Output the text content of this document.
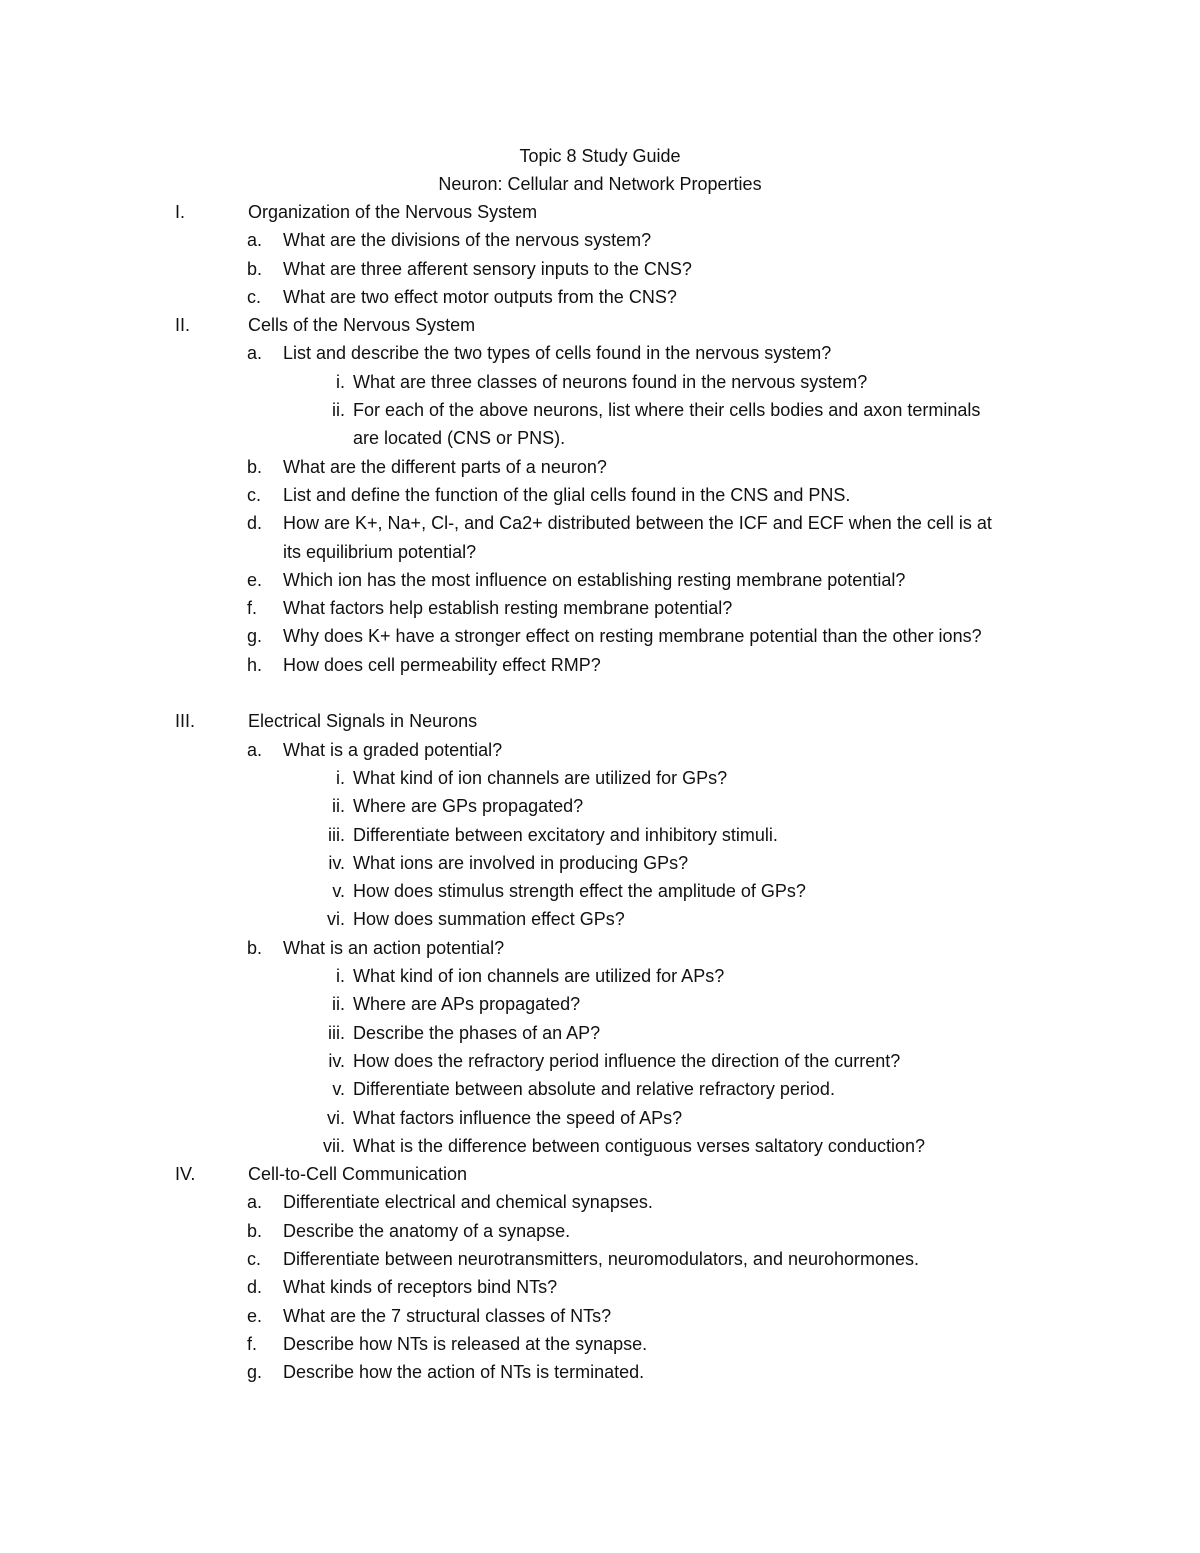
Topic 8 Study Guide
Neuron: Cellular and Network Properties
I.	Organization of the Nervous System
a. What are the divisions of the nervous system?
b. What are three afferent sensory inputs to the CNS?
c. What are two effect motor outputs from the CNS?
II.	Cells of the Nervous System
a. List and describe the two types of cells found in the nervous system?
i. What are three classes of neurons found in the nervous system?
ii. For each of the above neurons, list where their cells bodies and axon terminals
are located (CNS or PNS).
b. What are the different parts of a neuron?
c. List and define the function of the glial cells found in the CNS and PNS.
d. How are K+, Na+, Cl-, and Ca2+ distributed between the ICF and ECF when the cell is at
its equilibrium potential?
e. Which ion has the most influence on establishing resting membrane potential?
f. What factors help establish resting membrane potential?
g. Why does K+ have a stronger effect on resting membrane potential than the other ions?
h. How does cell permeability effect RMP?
III.	Electrical Signals in Neurons
a. What is a graded potential?
i. What kind of ion channels are utilized for GPs?
ii. Where are GPs propagated?
iii. Differentiate between excitatory and inhibitory stimuli.
iv. What ions are involved in producing GPs?
v. How does stimulus strength effect the amplitude of GPs?
vi. How does summation effect GPs?
b. What is an action potential?
i. What kind of ion channels are utilized for APs?
ii. Where are APs propagated?
iii. Describe the phases of an AP?
iv. How does the refractory period influence the direction of the current?
v. Differentiate between absolute and relative refractory period.
vi. What factors influence the speed of APs?
vii. What is the difference between contiguous verses saltatory conduction?
IV.	Cell-to-Cell Communication
a. Differentiate electrical and chemical synapses.
b. Describe the anatomy of a synapse.
c. Differentiate between neurotransmitters, neuromodulators, and neurohormones.
d. What kinds of receptors bind NTs?
e. What are the 7 structural classes of NTs?
f. Describe how NTs is released at the synapse.
g. Describe how the action of NTs is terminated.
